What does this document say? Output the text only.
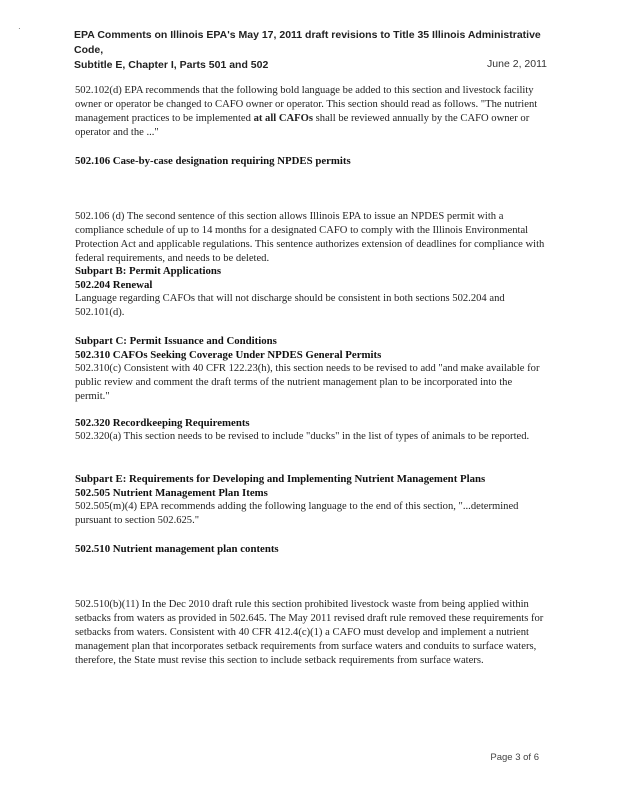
·
EPA Comments on Illinois EPA's May 17, 2011 draft revisions to Title 35 Illinois Administrative Code,
Subtitle E, Chapter I, Parts 501 and 502	June 2, 2011

502.102(d) EPA recommends that the following bold language be added to this section and livestock facility owner or operator be changed to CAFO owner or operator. This section should read as follows. "The nutrient management practices to be implemented at all CAFOs shall be reviewed annually by the CAFO owner or operator and the ..."

502.106 Case-by-case designation requiring NPDES permits

502.106 (d) The second sentence of this section allows Illinois EPA to issue an NPDES permit with a compliance schedule of up to 14 months for a designated CAFO to comply with the Illinois Environmental Protection Act and applicable regulations. This sentence authorizes extension of deadlines for compliance with federal requirements, and needs to be deleted.

Subpart B: Permit Applications

502.204 Renewal

Language regarding CAFOs that will not discharge should be consistent in both sections 502.204 and 502.101(d).

Subpart C: Permit Issuance and Conditions

502.310 CAFOs Seeking Coverage Under NPDES General Permits

502.310(c) Consistent with 40 CFR 122.23(h), this section needs to be revised to add "and make available for public review and comment the draft terms of the nutrient management plan to be incorporated into the permit."

502.320 Recordkeeping Requirements

502.320(a) This section needs to be revised to include "ducks" in the list of types of animals to be reported.

Subpart E: Requirements for Developing and Implementing Nutrient Management Plans

502.505 Nutrient Management Plan Items

502.505(m)(4) EPA recommends adding the following language to the end of this section, "...determined pursuant to section 502.625."

502.510 Nutrient management plan contents

502.510(b)(11) In the Dec 2010 draft rule this section prohibited livestock waste from being applied within setbacks from waters as provided in 502.645. The May 2011 revised draft rule removed these requirements for setbacks from waters. Consistent with 40 CFR 412.4(c)(1) a CAFO must develop and implement a nutrient management plan that incorporates setback requirements from surface waters and conduits to surface waters, therefore, the State must revise this section to include setback requirements from surface waters.

Page 3 of 6
